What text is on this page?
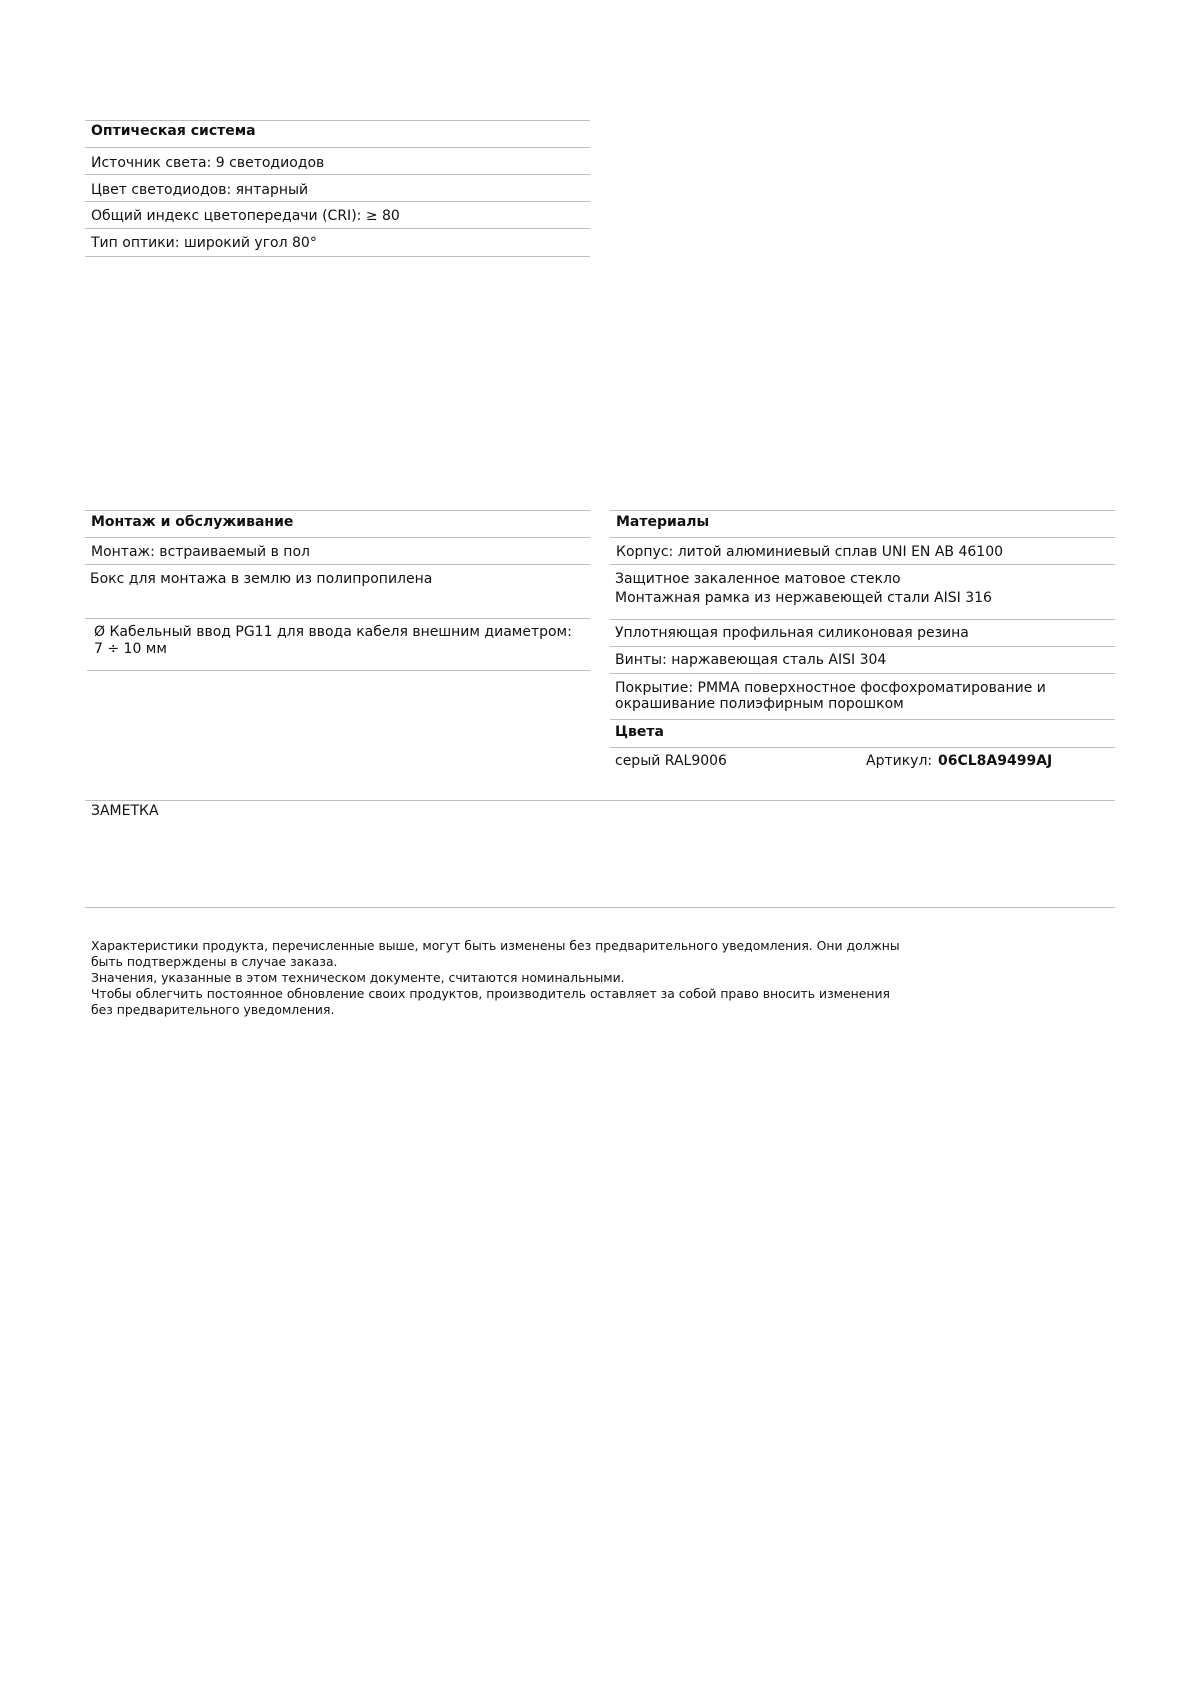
Оптическая система
Источник света: 9 светодиодов
Цвет светодиодов: янтарный
Общий индекс цветопередачи (CRI): ≥ 80
Тип оптики: широкий угол 80°
Монтаж и обслуживание
Монтаж: встраиваемый в пол
Бокс для монтажа в землю из полипропилена
Ø Кабельный ввод PG11 для ввода кабеля внешним диаметром:
7 ÷ 10 мм
Материалы
Корпус: литой алюминиевый сплав UNI EN AB 46100
Защитное закаленное матовое стекло
Монтажная рамка из нержавеющей стали AISI 316
Уплотняющая профильная силиконовая резина
Винты: наржавеющая сталь AISI 304
Покрытие: PMMA поверхностное фосфохроматирование и
окрашивание полиэфирным порошком
Цвета
серый RAL9006	Артикул: 06CL8A9499AJ
ЗАМЕТКА
Характеристики продукта, перечисленные выше, могут быть изменены без предварительного уведомления. Они должны
быть подтверждены в случае заказа.
Значения, указанные в этом техническом документе, считаются номинальными.
Чтобы облегчить постоянное обновление своих продуктов, производитель оставляет за собой право вносить изменения
без предварительного уведомления.
